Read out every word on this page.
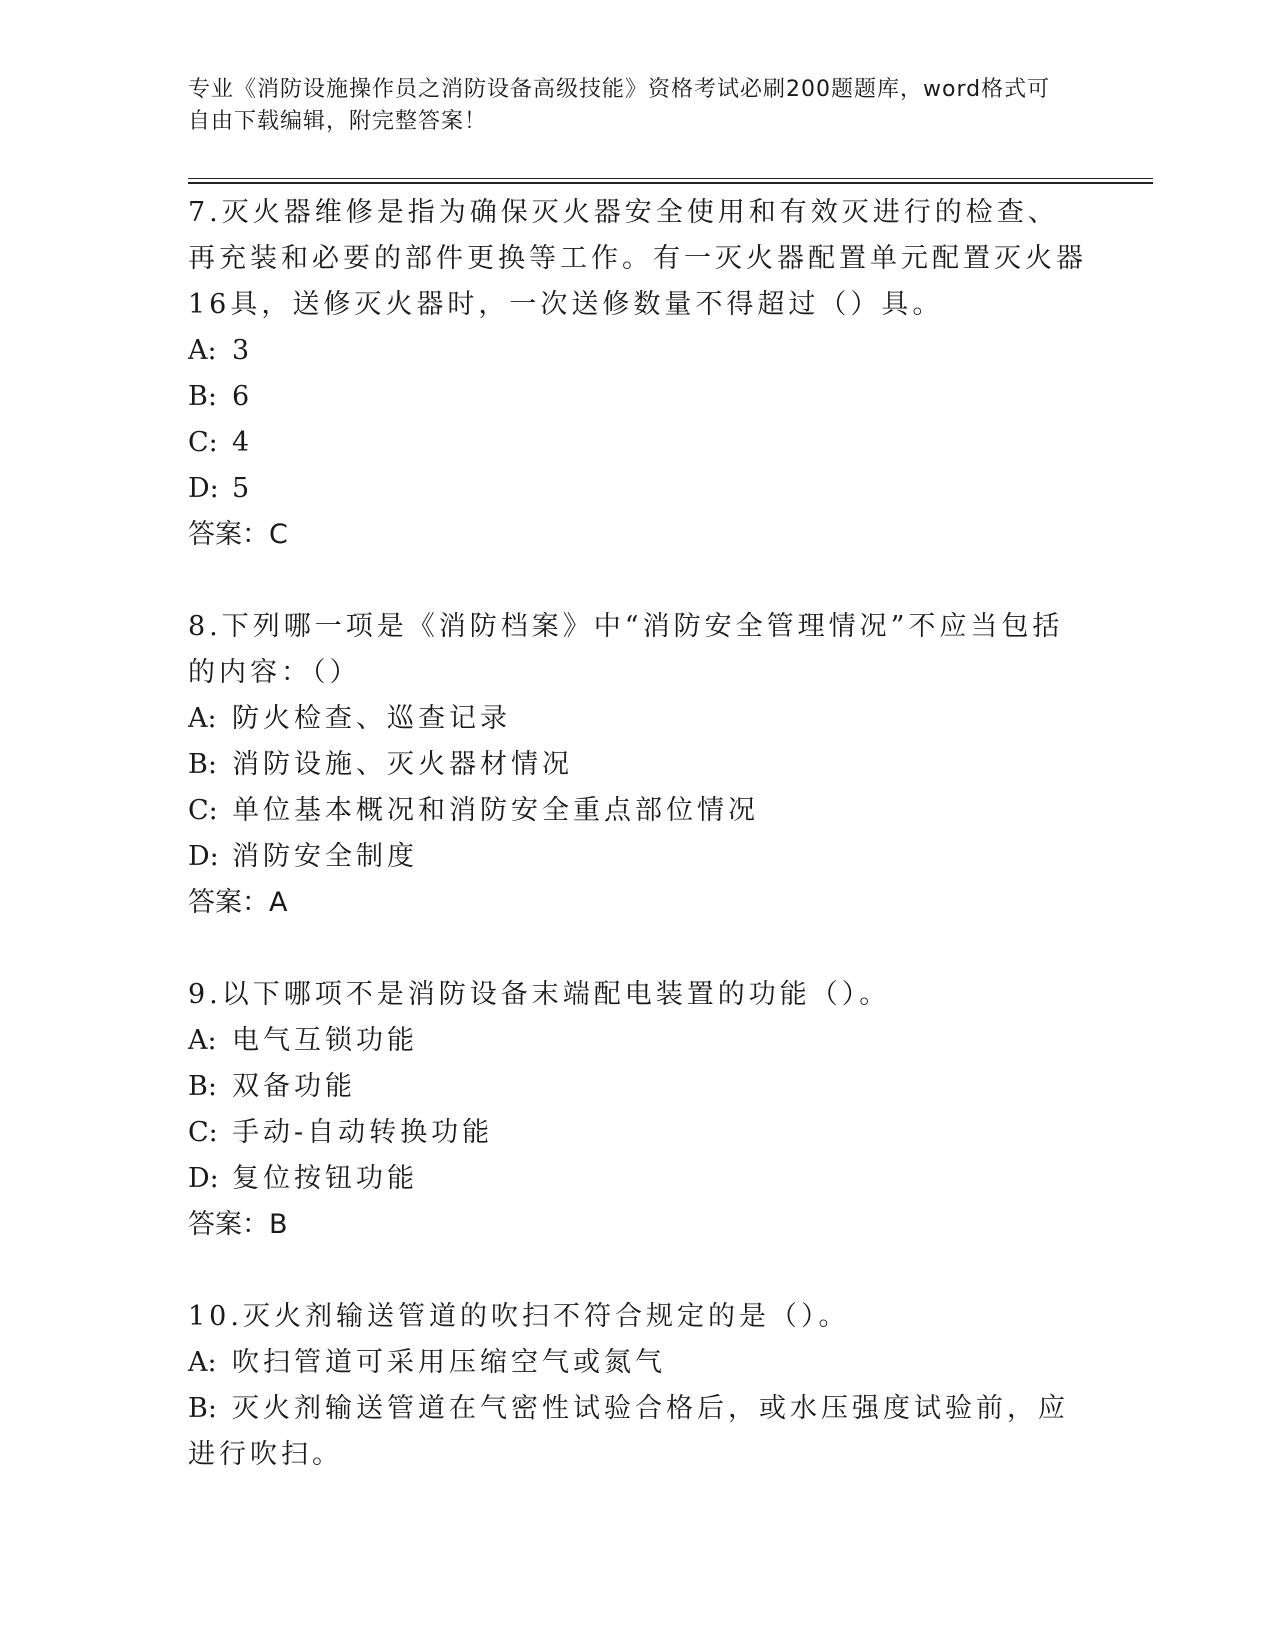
专业《消防设施操作员之消防设备高级技能》资格考试必刷200题题库，word格式可自由下载编辑，附完整答案！

7.灭火器维修是指为确保灭火器安全使用和有效灭进行的检查、再充装和必要的部件更换等工作。有一灭火器配置单元配置灭火器16具，送修灭火器时，一次送修数量不得超过（）具。

A: 3

B: 6

C: 4

D: 5

答案：C

8.下列哪一项是《消防档案》中“消防安全管理情况”不应当包括的内容：（）

A: 防火检查、巡查记录

B: 消防设施、灭火器材情况

C: 单位基本概况和消防安全重点部位情况

D: 消防安全制度

答案：A

9.以下哪项不是消防设备末端配电装置的功能（）。

A: 电气互锁功能

B: 双备功能

C: 手动-自动转换功能

D: 复位按钮功能

答案：B

10.灭火剂输送管道的吹扫不符合规定的是（）。

A: 吹扫管道可采用压缩空气或氮气

B: 灭火剂输送管道在气密性试验合格后，或水压强度试验前，应进行吹扫。
